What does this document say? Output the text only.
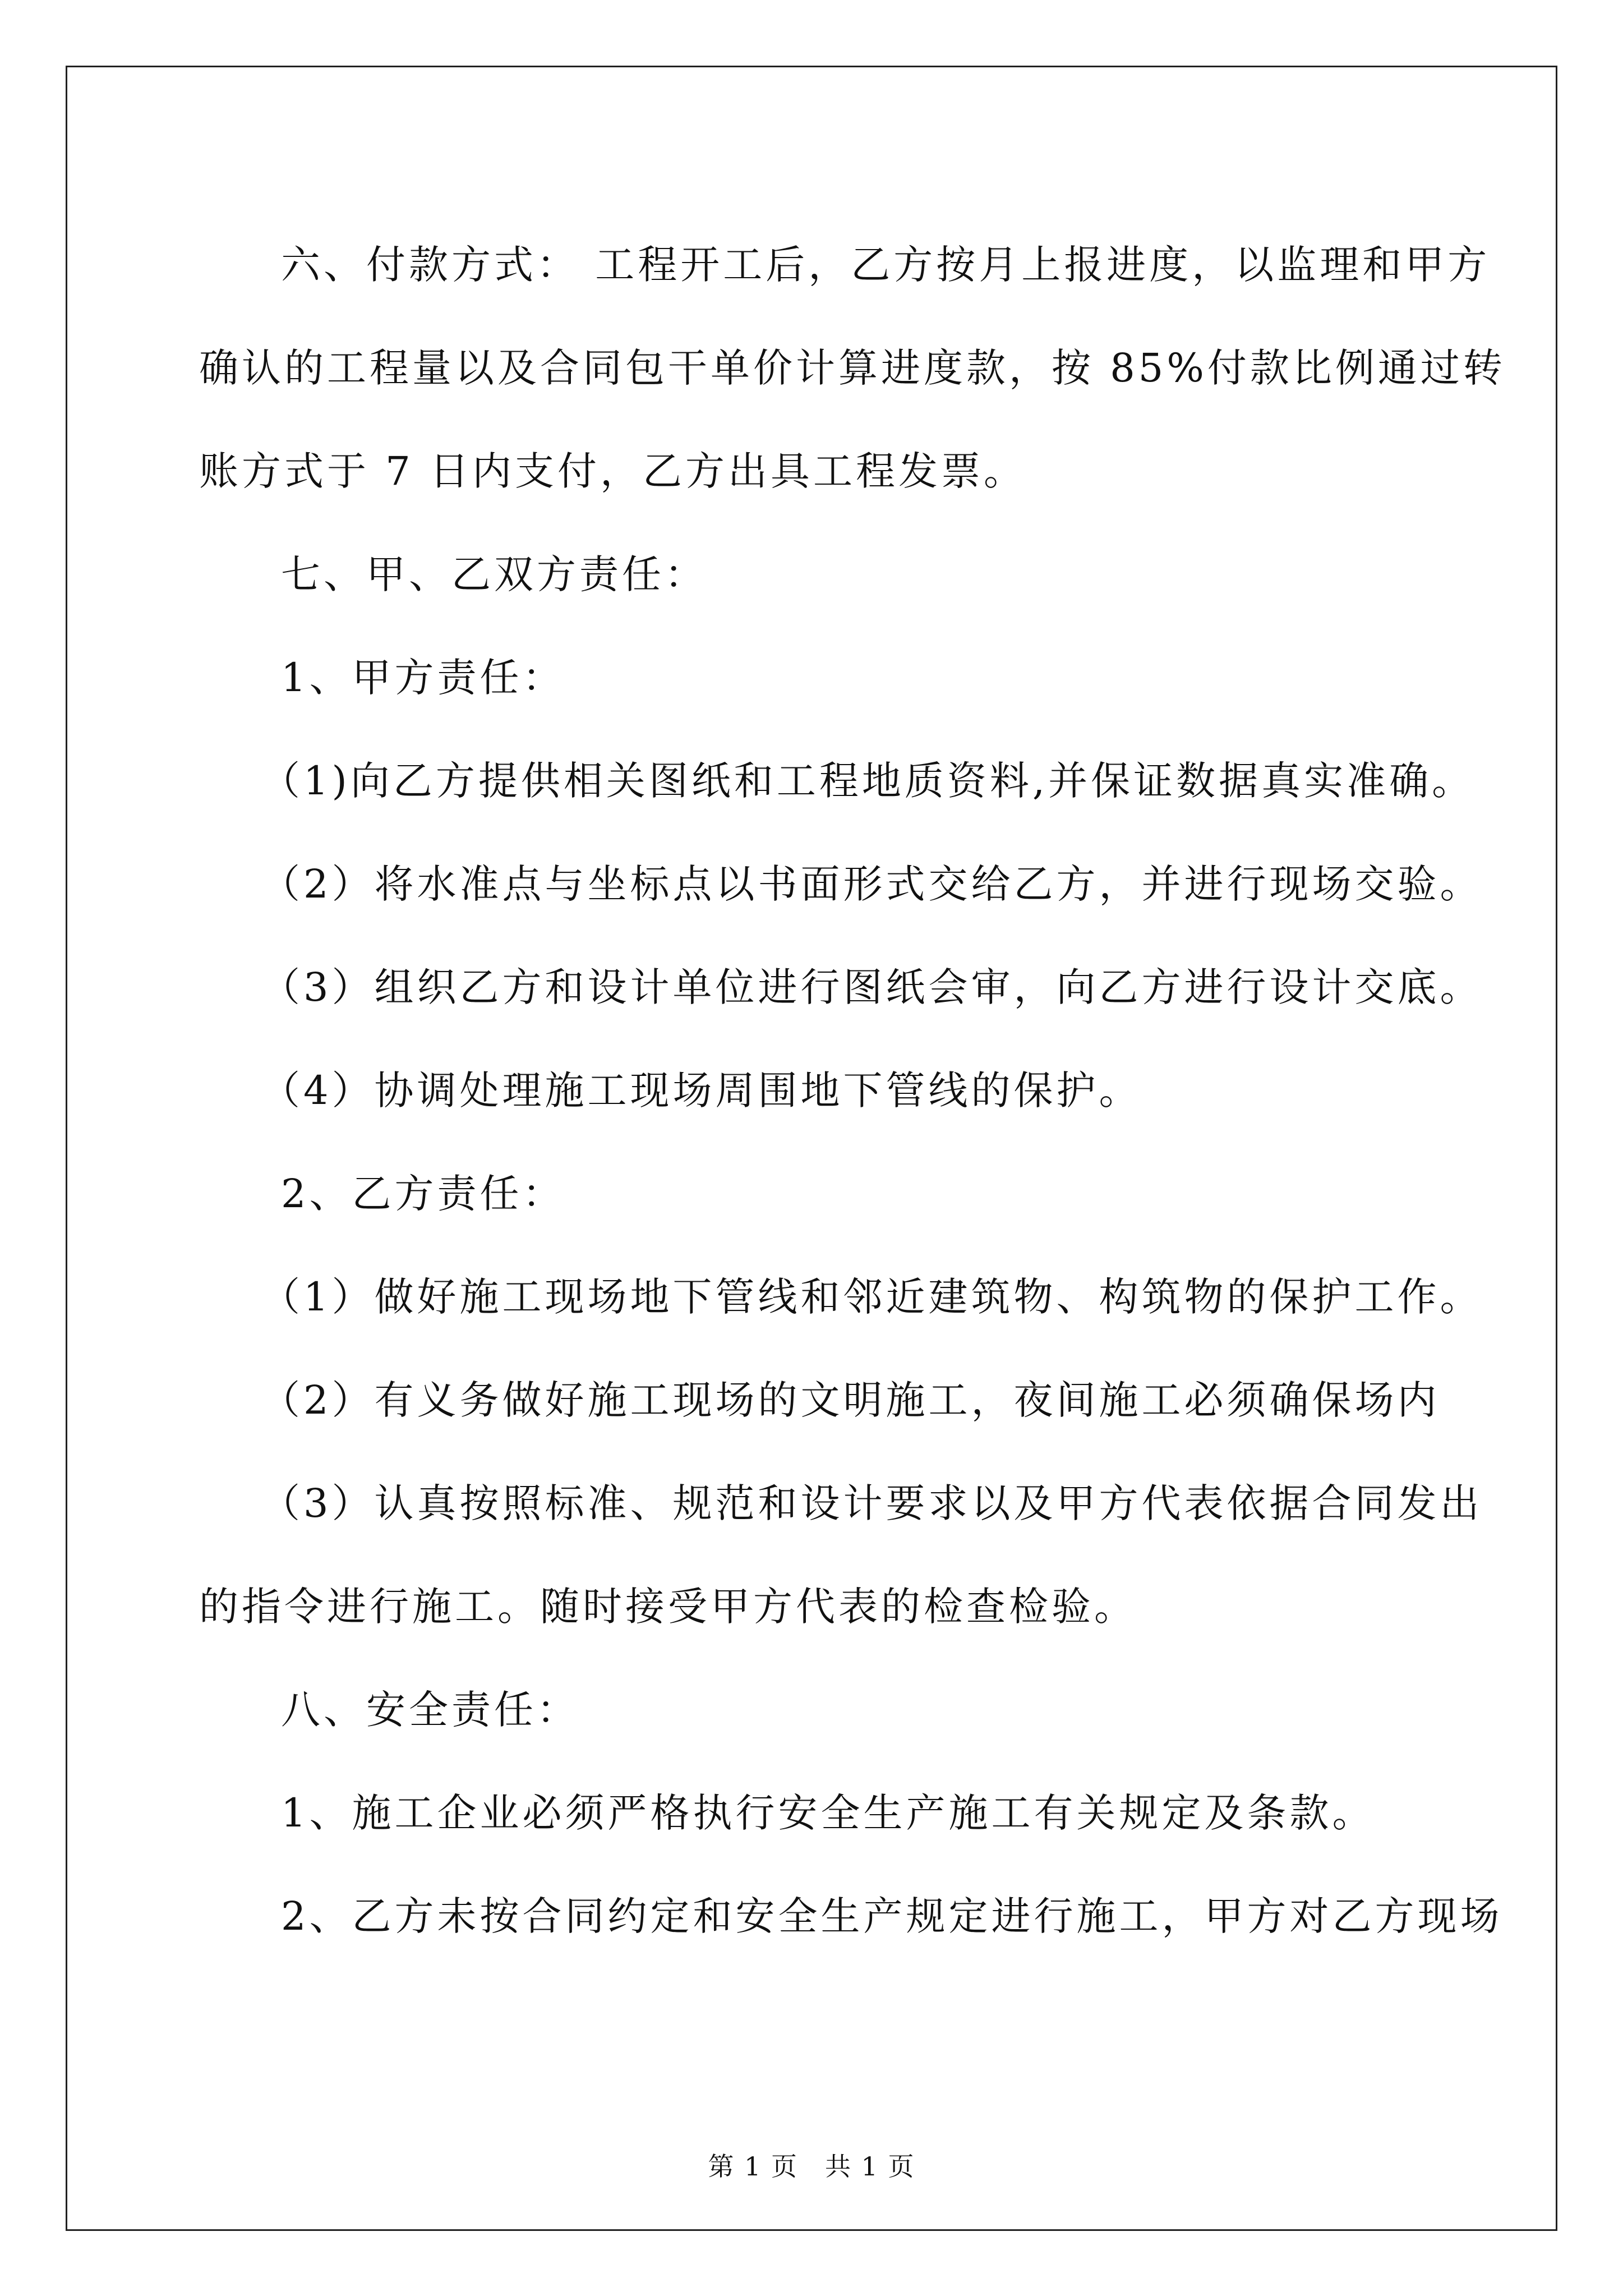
六、付款方式： 工程开工后，乙方按月上报进度，以监理和甲方

确认的工程量以及合同包干单价计算进度款，按 85%付款比例通过转

账方式于 7 日内支付，乙方出具工程发票。

七、甲、乙双方责任：

1、甲方责任：

（1)向乙方提供相关图纸和工程地质资料,并保证数据真实准确。

（2）将水准点与坐标点以书面形式交给乙方，并进行现场交验。

（3）组织乙方和设计单位进行图纸会审，向乙方进行设计交底。

（4）协调处理施工现场周围地下管线的保护。

2、乙方责任：

（1）做好施工现场地下管线和邻近建筑物、构筑物的保护工作。

（2）有义务做好施工现场的文明施工，夜间施工必须确保场内

（3）认真按照标准、规范和设计要求以及甲方代表依据合同发出

的指令进行施工。随时接受甲方代表的检查检验。

八、安全责任：

1、施工企业必须严格执行安全生产施工有关规定及条款。

2、乙方未按合同约定和安全生产规定进行施工，甲方对乙方现场

第 1 页　共 1 页
